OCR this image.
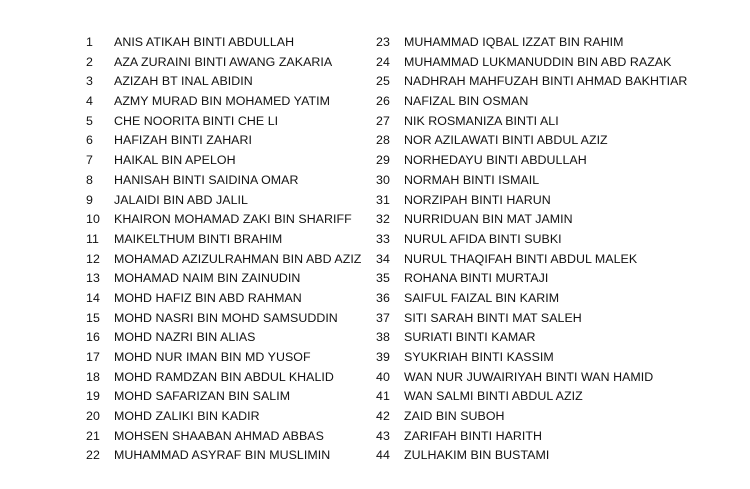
1	ANIS ATIKAH BINTI ABDULLAH
2	AZA ZURAINI BINTI AWANG ZAKARIA
3	AZIZAH BT INAL ABIDIN
4	AZMY MURAD BIN MOHAMED YATIM
5	CHE NOORITA BINTI CHE LI
6	HAFIZAH BINTI ZAHARI
7	HAIKAL BIN APELOH
8	HANISAH BINTI SAIDINA OMAR
9	JALAIDI BIN ABD JALIL
10	KHAIRON MOHAMAD ZAKI BIN SHARIFF
11	MAIKELTHUM BINTI BRAHIM
12	MOHAMAD AZIZULRAHMAN BIN ABD AZIZ
13	MOHAMAD NAIM BIN ZAINUDIN
14	MOHD HAFIZ BIN ABD RAHMAN
15	MOHD NASRI BIN MOHD SAMSUDDIN
16	MOHD NAZRI BIN ALIAS
17	MOHD NUR IMAN BIN MD YUSOF
18	MOHD RAMDZAN BIN ABDUL KHALID
19	MOHD SAFARIZAN BIN SALIM
20	MOHD ZALIKI BIN KADIR
21	MOHSEN SHAABAN AHMAD ABBAS
22	MUHAMMAD ASYRAF BIN MUSLIMIN
23	MUHAMMAD IQBAL IZZAT BIN RAHIM
24	MUHAMMAD LUKMANUDDIN BIN ABD RAZAK
25	NADHRAH MAHFUZAH BINTI AHMAD BAKHTIAR
26	NAFIZAL BIN OSMAN
27	NIK ROSMANIZA BINTI ALI
28	NOR AZILAWATI BINTI ABDUL AZIZ
29	NORHEDAYU BINTI ABDULLAH
30	NORMAH BINTI ISMAIL
31	NORZIPAH BINTI HARUN
32	NURRIDUAN BIN MAT JAMIN
33	NURUL AFIDA BINTI SUBKI
34	NURUL THAQIFAH BINTI ABDUL MALEK
35	ROHANA BINTI MURTAJI
36	SAIFUL FAIZAL BIN KARIM
37	SITI SARAH BINTI MAT SALEH
38	SURIATI BINTI KAMAR
39	SYUKRIAH BINTI KASSIM
40	WAN NUR JUWAIRIYAH BINTI WAN HAMID
41	WAN SALMI BINTI ABDUL AZIZ
42	ZAID BIN SUBOH
43	ZARIFAH BINTI HARITH
44	ZULHAKIM BIN BUSTAMI
